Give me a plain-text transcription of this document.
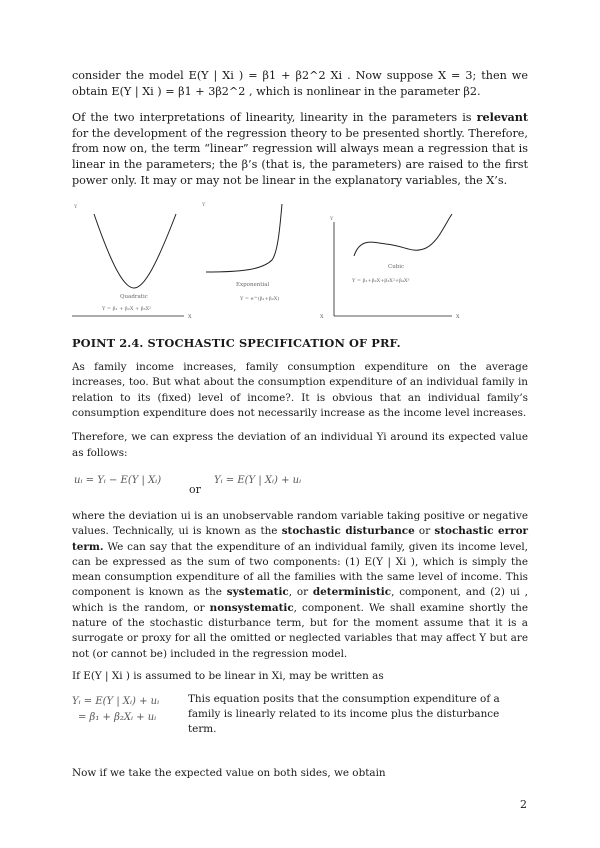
consider the model E(Y | Xi ) = β1 + β2^2 Xi . Now suppose X = 3; then we obtain E(Y | Xi ) = β1 + 3β2^2 , which is nonlinear in the parameter β2.

Of the two interpretations of linearity, linearity in the parameters is relevant for the development of the regression theory to be presented shortly. Therefore, from now on, the term “linear” regression will always mean a regression that is linear in the parameters; the β’s (that is, the parameters) are raised to the first power only. It may or may not be linear in the explanatory variables, the X’s.

Y
Quadratic
Y = β₁ + β₂X + β₃X²
X
Y
Exponential
Y = e^(β₁+β₂X)
X
Y
Cubic
Y = β₁+β₂X+β₃X²+β₄X³
X
POINT 2.4. STOCHASTIC SPECIFICATION OF PRF.

As family income increases, family consumption expenditure on the average increases, too. But what about the consumption expenditure of an individual family in relation to its (fixed) level of income?. It is obvious that an individual family’s consumption expenditure does not necessarily increase as the income level increases.

Therefore, we can express the deviation of an individual Yi around its expected value as follows:

uᵢ = Yᵢ − E(Y | Xᵢ)
or
Yᵢ = E(Y | Xᵢ) + uᵢ

where the deviation ui is an unobservable random variable taking positive or negative values. Technically, ui is known as the stochastic disturbance or stochastic error term. We can say that the expenditure of an individual family, given its income level, can be expressed as the sum of two components: (1) E(Y | Xi ), which is simply the mean consumption expenditure of all the families with the same level of income. This component is known as the systematic, or deterministic, component, and (2) ui , which is the random, or nonsystematic, component. We shall examine shortly the nature of the stochastic disturbance term, but for the moment assume that it is a surrogate or proxy for all the omitted or neglected variables that may affect Y but are not (or cannot be) included in the regression model.

If E(Y | Xi ) is assumed to be linear in Xi, may be written as

Yᵢ = E(Y | Xᵢ) + uᵢ
= β₁ + β₂Xᵢ + uᵢ
This equation posits that the consumption expenditure of a family is linearly related to its income plus the disturbance term.

Now if we take the expected value on both sides, we obtain

2
